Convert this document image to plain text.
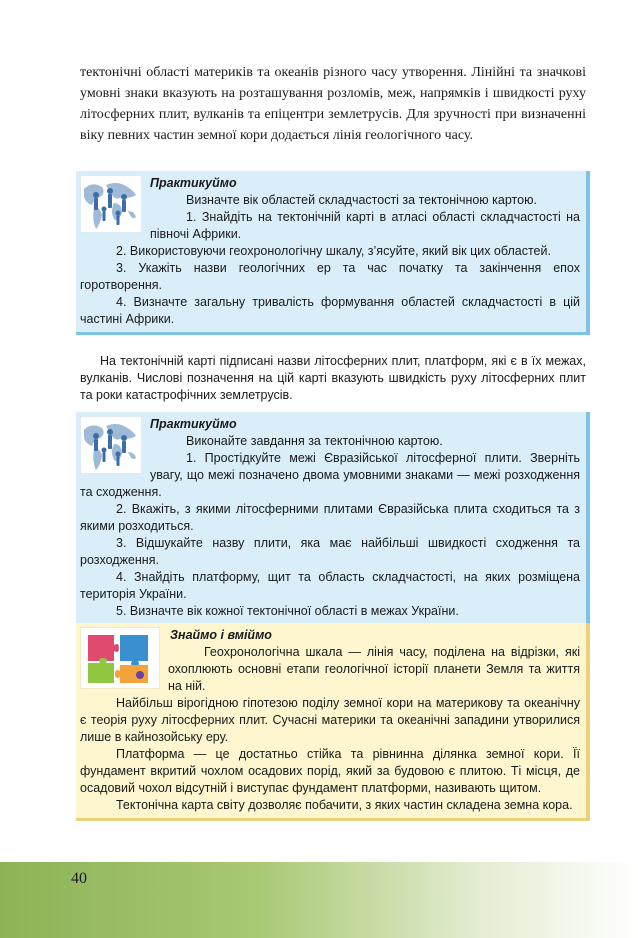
тектонічні області материків та океанів різного часу утворення. Лінійні та значкові умовні знаки вказують на розташування розломів, меж, напрямків і швидкості руху літосферних плит, вулканів та епіцентри землетрусів. Для зручності при визначенні віку певних частин земної кори додається лінія геологічного часу.

Практикуймо

Визначте вік областей складчастості за тектонічною картою.

1. Знайдіть на тектонічній карті в атласі області складчастості на півночі Африки.

2. Використовуючи геохронологічну шкалу, з’ясуйте, який вік цих областей.

3. Укажіть назви геологічних ер та час початку та закінчення епох горотворення.

4. Визначте загальну тривалість формування областей складчастості в цій частині Африки.

На тектонічній карті підписані назви літосферних плит, платформ, які є в їх межах, вулканів. Числові позначення на цій карті вказують швидкість руху літосферних плит та роки катастрофічних землетрусів.

Практикуймо

Виконайте завдання за тектонічною картою.

1. Простідкуйте межі Євразійської літосферної плити. Зверніть увагу, що межі позначено двома умовними знаками — межі розходження та сходження.

2. Вкажіть, з якими літосферними плитами Євразійська плита сходиться та з якими розходиться.

3. Відшукайте назву плити, яка має найбільші швидкості сходження та розходження.

4. Знайдіть платформу, щит та область складчастості, на яких розміщена територія України.

5. Визначте вік кожної тектонічної області в межах України.

Знаймо і вміймо

Геохронологічна шкала — лінія часу, поділена на відрізки, які охоплюють основні етапи геологічної історії планети Земля та життя на ній.

Найбільш вірогідною гіпотезою поділу земної кори на материкову та океанічну є теорія руху літосферних плит. Сучасні материки та океанічні западини утворилися лише в кайнозойську еру.

Платформа — це достатньо стійка та рівнинна ділянка земної кори. Її фундамент вкритий чохлом осадових порід, який за будовою є плитою. Ті місця, де осадовий чохол відсутній і виступає фундамент платформи, називають щитом.

Тектонічна карта світу дозволяє побачити, з яких частин складена земна кора.

40
